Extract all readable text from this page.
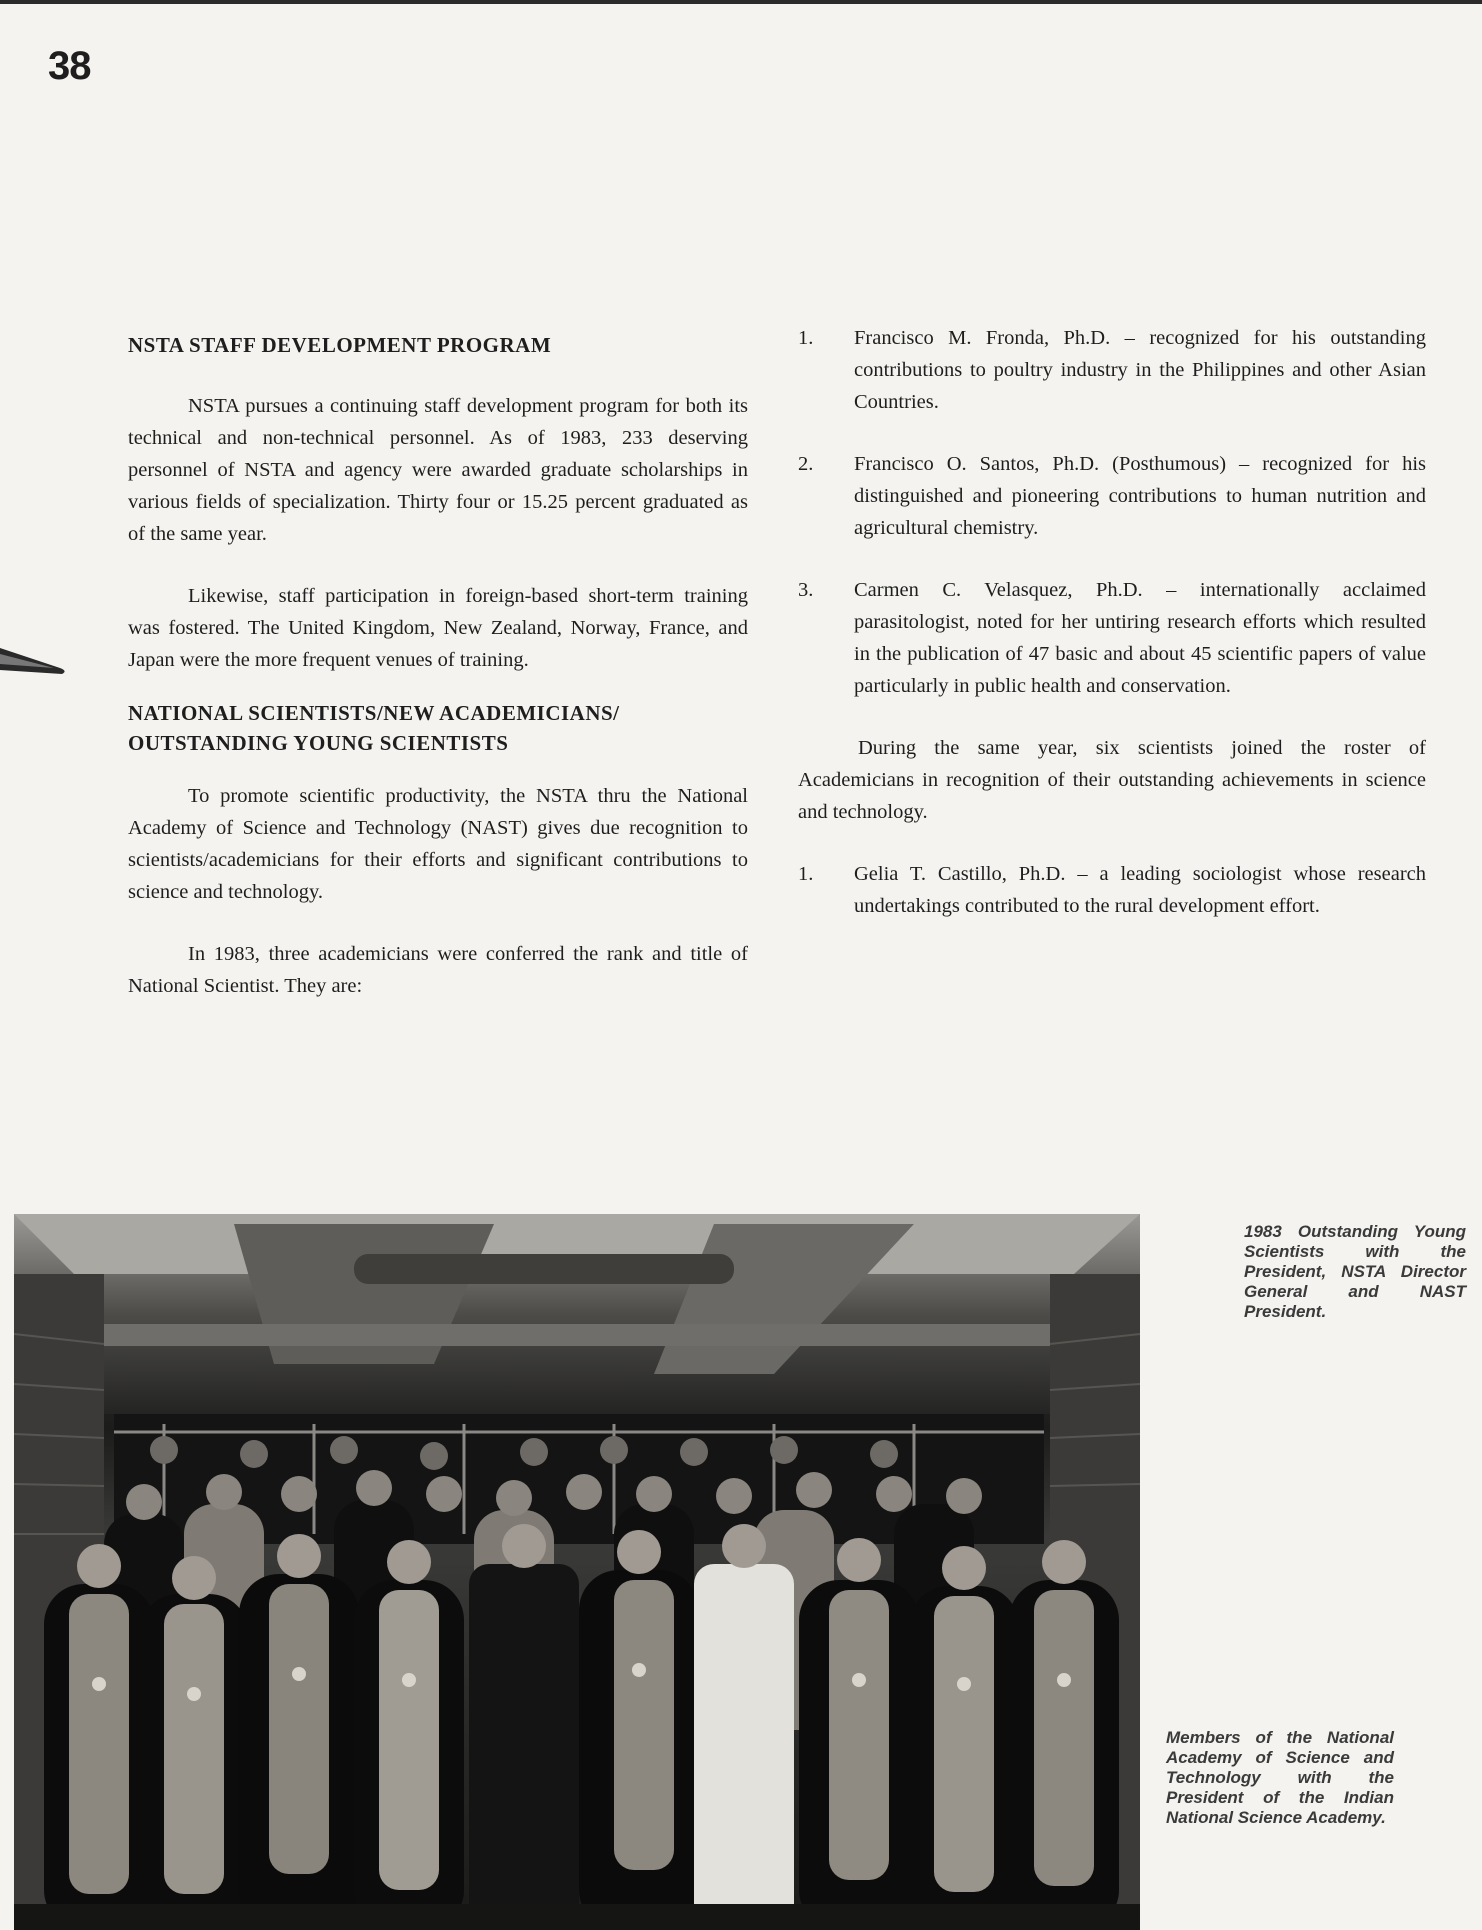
38

NSTA STAFF DEVELOPMENT PROGRAM

NSTA pursues a continuing staff development program for both its technical and non-technical personnel. As of 1983, 233 deserving personnel of NSTA and agency were awarded graduate scholarships in various fields of specialization. Thirty four or 15.25 percent graduated as of the same year.

Likewise, staff participation in foreign-based short-term training was fostered. The United Kingdom, New Zealand, Norway, France, and Japan were the more frequent venues of training.

NATIONAL SCIENTISTS/NEW ACADEMICIANS/

OUTSTANDING YOUNG SCIENTISTS

To promote scientific productivity, the NSTA thru the National Academy of Science and Technology (NAST) gives due recognition to scientists/academicians for their efforts and significant contributions to science and technology.

In 1983, three academicians were conferred the rank and title of National Scientist. They are:

1.	Francisco M. Fronda, Ph.D. – recognized for his outstanding contributions to poultry industry in the Philippines and other Asian Countries.
2.	Francisco O. Santos, Ph.D. (Posthumous) – recognized for his distinguished and pioneering contributions to human nutrition and agricultural chemistry.
3.	Carmen C. Velasquez, Ph.D. – internationally acclaimed parasitologist, noted for her untiring research efforts which resulted in the publication of 47 basic and about 45 scientific papers of value particularly in public health and conservation.

During the same year, six scientists joined the roster of Academicians in recognition of their outstanding achievements in science and technology.

1.	Gelia T. Castillo, Ph.D. – a leading sociologist whose research undertakings contributed to the rural development effort.
1983 Outstanding Young Scientists with the President, NSTA Director General and NAST President.
Members of the National Academy of Science and Technology with the President of the Indian National Science Academy.
